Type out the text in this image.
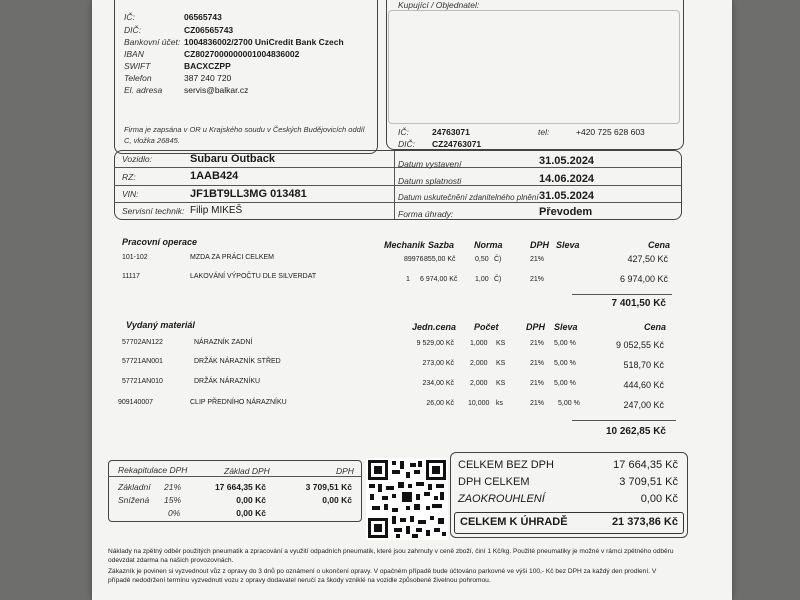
IČ:	06565743
DIČ:	CZ06565743
Bankovní účet: 1004836002/2700 UniCredit Bank Czech
IBAN	CZ8027000000001004836002
SWIFT	BACXCZPP
Telefon	387 240 720
El. adresa	servis@balkar.cz
Firma je zapsána v OR u Krajského soudu v Českých Budějovicích oddíl C, vložka 26845.
Kupující / Objednatel:
IČ:	24763071
DIČ: CZ24763071
tel:	+420 725 628 603
Vozidlo:	Subaru Outback
RZ:	1AAB424
VIN:	JF1BT9LL3MG 013481
Servisní technik: Filip MIKEŠ
Datum vystavení	31.05.2024
Datum splatnosti	14.06.2024
Datum uskutečnění zdanitelného plnění 31.05.2024
Forma úhrady:	Převodem
Pracovní operace	Mechanik Sazba Norma	DPH Sleva	Cena
101-102	MZDA ZA PRÁCI CELKEM	89976 855,00 Kč	0,50 Č)	21%	427,50 Kč
11117	LAKOVÁNÍ VÝPOČTU DLE SILVERDAT	1 6 974,00 Kč	1,00 Č)	21%	6 974,00 Kč
7 401,50 Kč
Vydaný materiál	Jedn.cena Počet	DPH Sleva	Cena
57702AN122	NÁRAZNÍK ZADNÍ	9 529,00 Kč 1,000 KS	21% 5,00 %	9 052,55 Kč
57721AN001	DRŽÁK NÁRAZNÍK STŘED	273,00 Kč 2,000 KS	21% 5,00 %	518,70 Kč
57721AN010	DRŽÁK NÁRAZNÍKU	234,00 Kč 2,000 KS	21% 5,00 %	444,60 Kč
909140007	CLIP PŘEDNÍHO NÁRAZNÍKU	26,00 Kč 10,000 ks	21% 5,00 %	247,00 Kč
10 262,85 Kč
Rekapitulace DPH	Základ DPH	DPH
Základní 21%	17 664,35 Kč	3 709,51 Kč
Snížená 15%	0,00 Kč	0,00 Kč
0%	0,00 Kč
CELKEM BEZ DPH	17 664,35 Kč
DPH CELKEM	3 709,51 Kč
ZAOKROUHLENÍ	0,00 Kč
CELKEM K ÚHRADĚ	21 373,86 Kč
Náklady na zpětný odběr použitých pneumatik a zpracování a využití odpadních pneumatik, které jsou zahrnuty v ceně zboží, činí 1 Kč/kg. Použité pneumatiky je možné v rámci zpětného odběru
odevzdat zdarma na našich provozovnách.
Zákazník je povinen si vyzvednout vůz z opravy do 3 dnů po oznámení o ukončení opravy. V opačném případě bude účtováno parkovné ve výši 100,- Kč bez DPH za každý den prodlení. V
případě nedodržení termínu vyzvednutí vozu z opravy dodavatel neručí za škody vzniklé na vozidle způsobené živelnou pohromou.
